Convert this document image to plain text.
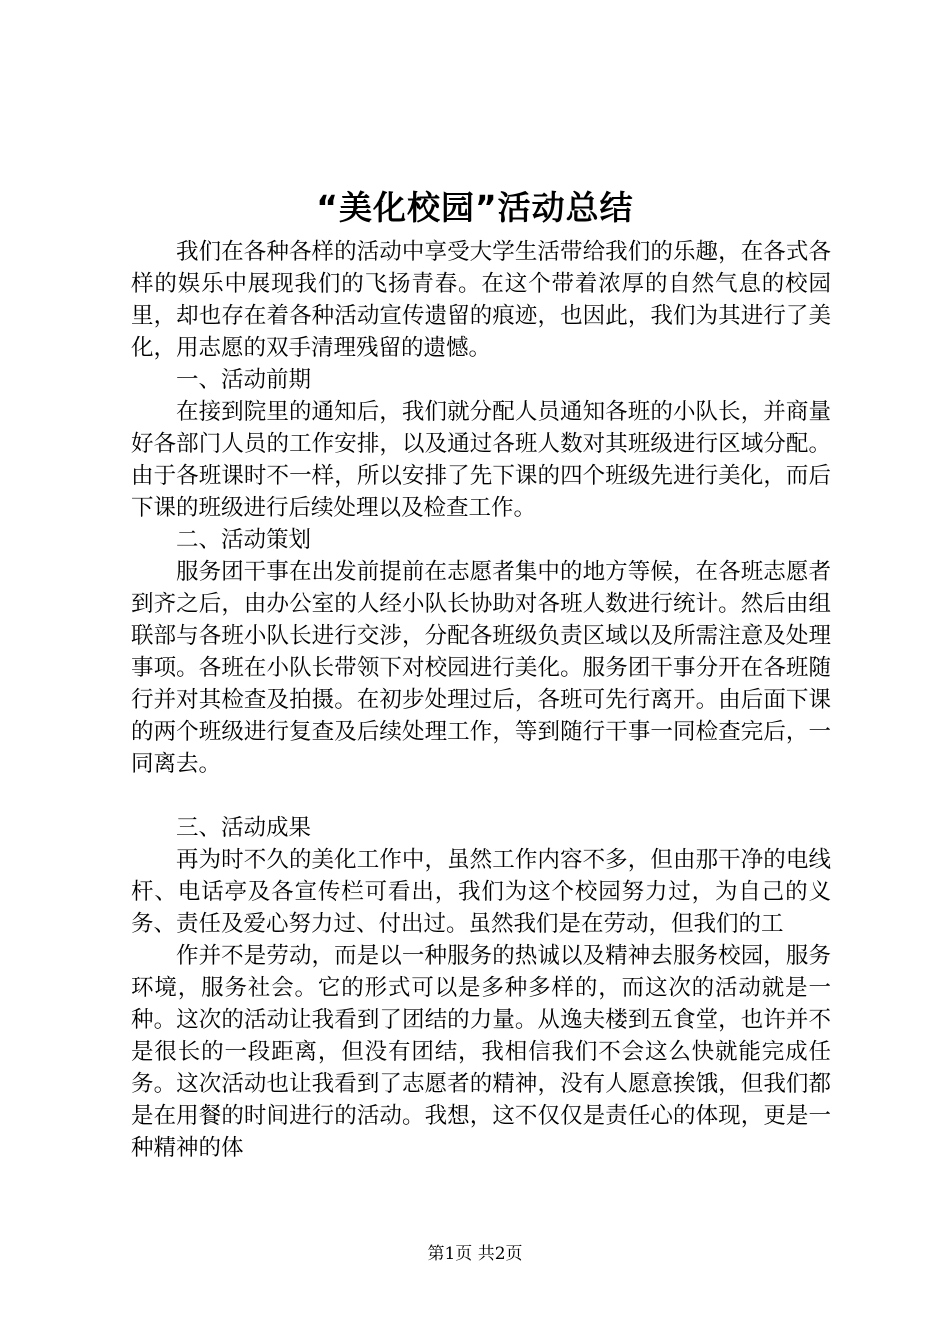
“美化校园”活动总结

我们在各种各样的活动中享受大学生活带给我们的乐趣，在各式各样的娱乐中展现我们的飞扬青春。在这个带着浓厚的自然气息的校园里，却也存在着各种活动宣传遗留的痕迹，也因此，我们为其进行了美化，用志愿的双手清理残留的遗憾。

一、活动前期

在接到院里的通知后，我们就分配人员通知各班的小队长，并商量好各部门人员的工作安排，以及通过各班人数对其班级进行区域分配。由于各班课时不一样，所以安排了先下课的四个班级先进行美化，而后下课的班级进行后续处理以及检查工作。

二、活动策划

服务团干事在出发前提前在志愿者集中的地方等候，在各班志愿者到齐之后，由办公室的人经小队长协助对各班人数进行统计。然后由组联部与各班小队长进行交涉，分配各班级负责区域以及所需注意及处理事项。各班在小队长带领下对校园进行美化。服务团干事分开在各班随行并对其检查及拍摄。在初步处理过后，各班可先行离开。由后面下课的两个班级进行复查及后续处理工作，等到随行干事一同检查完后，一同离去。

三、活动成果

再为时不久的美化工作中，虽然工作内容不多，但由那干净的电线杆、电话亭及各宣传栏可看出，我们为这个校园努力过，为自己的义务、责任及爱心努力过、付出过。虽然我们是在劳动，但我们的工

作并不是劳动，而是以一种服务的热诚以及精神去服务校园，服务环境，服务社会。它的形式可以是多种多样的，而这次的活动就是一种。这次的活动让我看到了团结的力量。从逸夫楼到五食堂，也许并不是很长的一段距离，但没有团结，我相信我们不会这么快就能完成任务。这次活动也让我看到了志愿者的精神，没有人愿意挨饿，但我们都是在用餐的时间进行的活动。我想，这不仅仅是责任心的体现，更是一种精神的体

第1页 共2页
